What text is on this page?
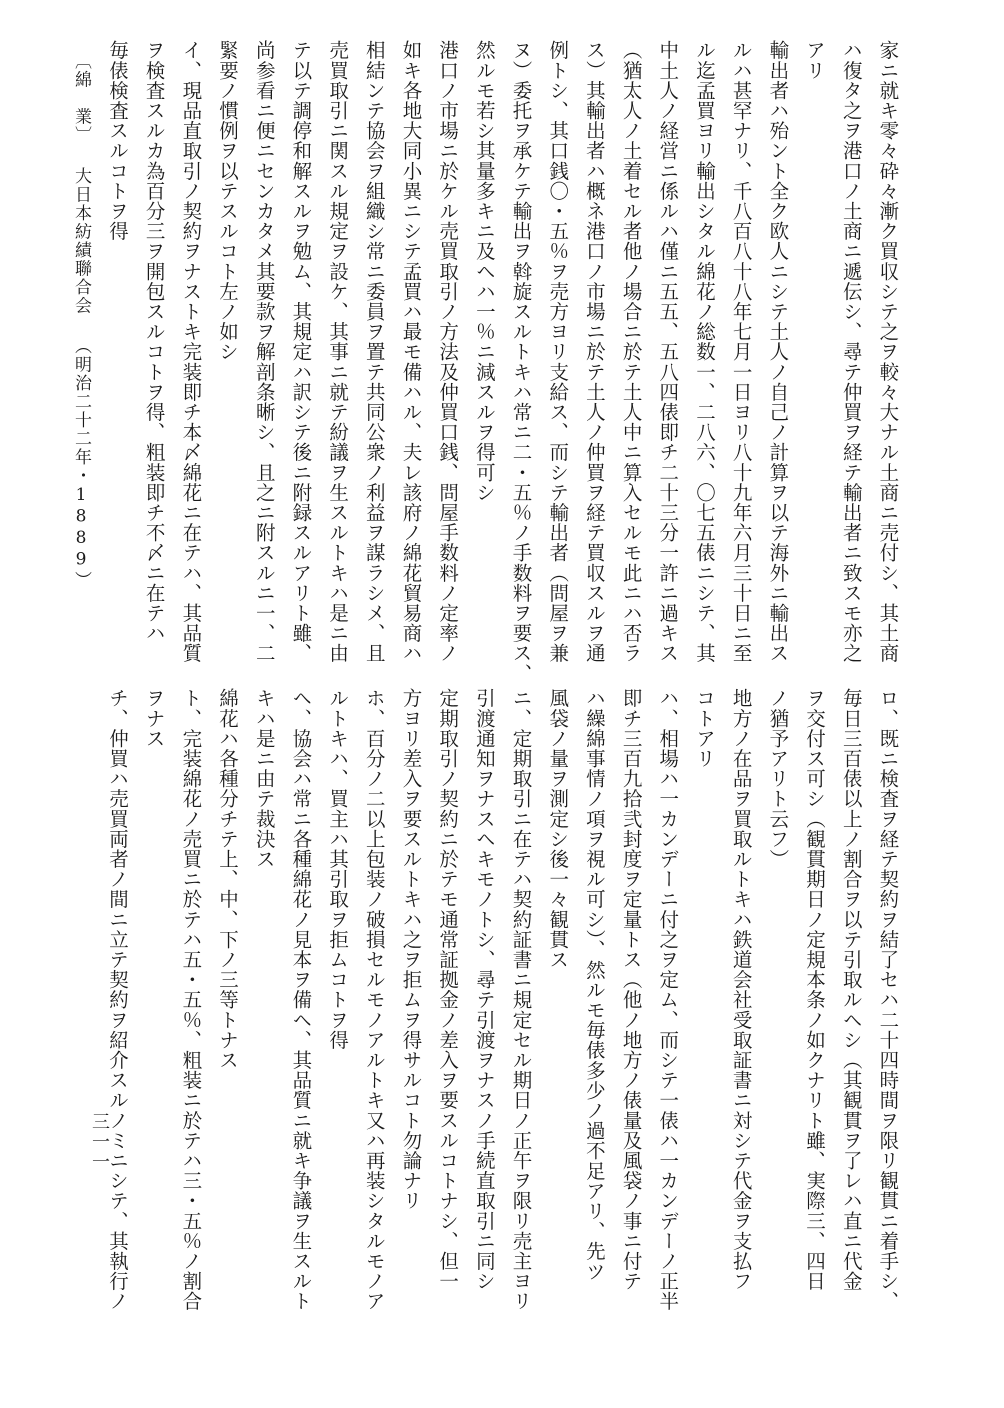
家ニ就キ零々砕々漸ク買収シテ之ヲ較々大ナル土商ニ売付シ、其土商
ハ復タ之ヲ港口ノ土商ニ遞伝シ、尋テ仲買ヲ経テ輸出者ニ致スモ亦之
アリ
輸出者ハ殆ント全ク欧人ニシテ土人ノ自己ノ計算ヲ以テ海外ニ輸出ス
ルハ甚罕ナリ、千八百八十八年七月一日ヨリ八十九年六月三十日ニ至
ル迄孟買ヨリ輸出シタル綿花ノ総数一、二八六、〇七五俵ニシテ、其
中土人ノ経営ニ係ルハ僅ニ五五、五八四俵即チ二十三分一許ニ過キス
（猶太人ノ土着セル者他ノ場合ニ於テ土人中ニ算入セルモ此ニハ否ラ
ス）其輸出者ハ概ネ港口ノ市場ニ於テ土人ノ仲買ヲ経テ買収スルヲ通
例トシ、其口銭〇・五％ヲ売方ヨリ支給ス、而シテ輸出者（問屋ヲ兼
ヌ）委托ヲ承ケテ輸出ヲ斡旋スルトキハ常ニ二・五％ノ手数料ヲ要ス、
然ルモ若シ其量多キニ及ヘハ一％ニ減スルヲ得可シ
港口ノ市場ニ於ケル売買取引ノ方法及仲買口銭、問屋手数料ノ定率ノ
如キ各地大同小異ニシテ孟買ハ最モ備ハル、夫レ該府ノ綿花貿易商ハ
相結ンテ協会ヲ組織シ常ニ委員ヲ置テ共同公衆ノ利益ヲ謀ラシメ、且
売買取引ニ関スル規定ヲ設ケ、其事ニ就テ紛議ヲ生スルトキハ是ニ由
テ以テ調停和解スルヲ勉ム、其規定ハ訳シテ後ニ附録スルアリト雖、
尚参看ニ便ニセンカタメ其要款ヲ解剖条晰シ、且之ニ附スルニ一、二
緊要ノ慣例ヲ以テスルコト左ノ如シ
イ、現品直取引ノ契約ヲナストキ完装即チ本〆綿花ニ在テハ、其品質
ヲ検査スルカ為百分三ヲ開包スルコトヲ得、粗装即チ不〆ニ在テハ
毎俵検査スルコトヲ得
〔綿　業〕
大日本紡績聯合会
（明治二十二年・1889）
ロ、既ニ検査ヲ経テ契約ヲ結了セハ二十四時間ヲ限リ観貫ニ着手シ、
毎日三百俵以上ノ割合ヲ以テ引取ルヘシ（其観貫ヲ了レハ直ニ代金
ヲ交付ス可シ（観貫期日ノ定規本条ノ如クナリト雖、実際三、四日
ノ猶予アリト云フ）
地方ノ在品ヲ買取ルトキハ鉄道会社受取証書ニ対シテ代金ヲ支払フ
コトアリ
ハ、相場ハ一カンデーニ付之ヲ定ム、而シテ一俵ハ一カンデーノ正半
即チ三百九拾弐封度ヲ定量トス（他ノ地方ノ俵量及風袋ノ事ニ付テ
ハ繰綿事情ノ項ヲ視ル可シ）、然ルモ毎俵多少ノ過不足アリ、先ツ
風袋ノ量ヲ測定シ後一々観貫ス
ニ、定期取引ニ在テハ契約証書ニ規定セル期日ノ正午ヲ限リ売主ヨリ
引渡通知ヲナスヘキモノトシ、尋テ引渡ヲナスノ手続直取引ニ同シ
定期取引ノ契約ニ於テモ通常証拠金ノ差入ヲ要スルコトナシ、但一
方ヨリ差入ヲ要スルトキハ之ヲ拒ムヲ得サルコト勿論ナリ
ホ、百分ノ二以上包装ノ破損セルモノアルトキ又ハ再装シタルモノア
ルトキハ、買主ハ其引取ヲ拒ムコトヲ得
ヘ、協会ハ常ニ各種綿花ノ見本ヲ備ヘ、其品質ニ就キ争議ヲ生スルト
キハ是ニ由テ裁決ス
綿花ハ各種分チテ上、中、下ノ三等トナス
ト、完装綿花ノ売買ニ於テハ五・五％、粗装ニ於テハ三・五％ノ割合
ヲナス
チ、仲買ハ売買両者ノ間ニ立テ契約ヲ紹介スルノミニシテ、其執行ノ
三一一
